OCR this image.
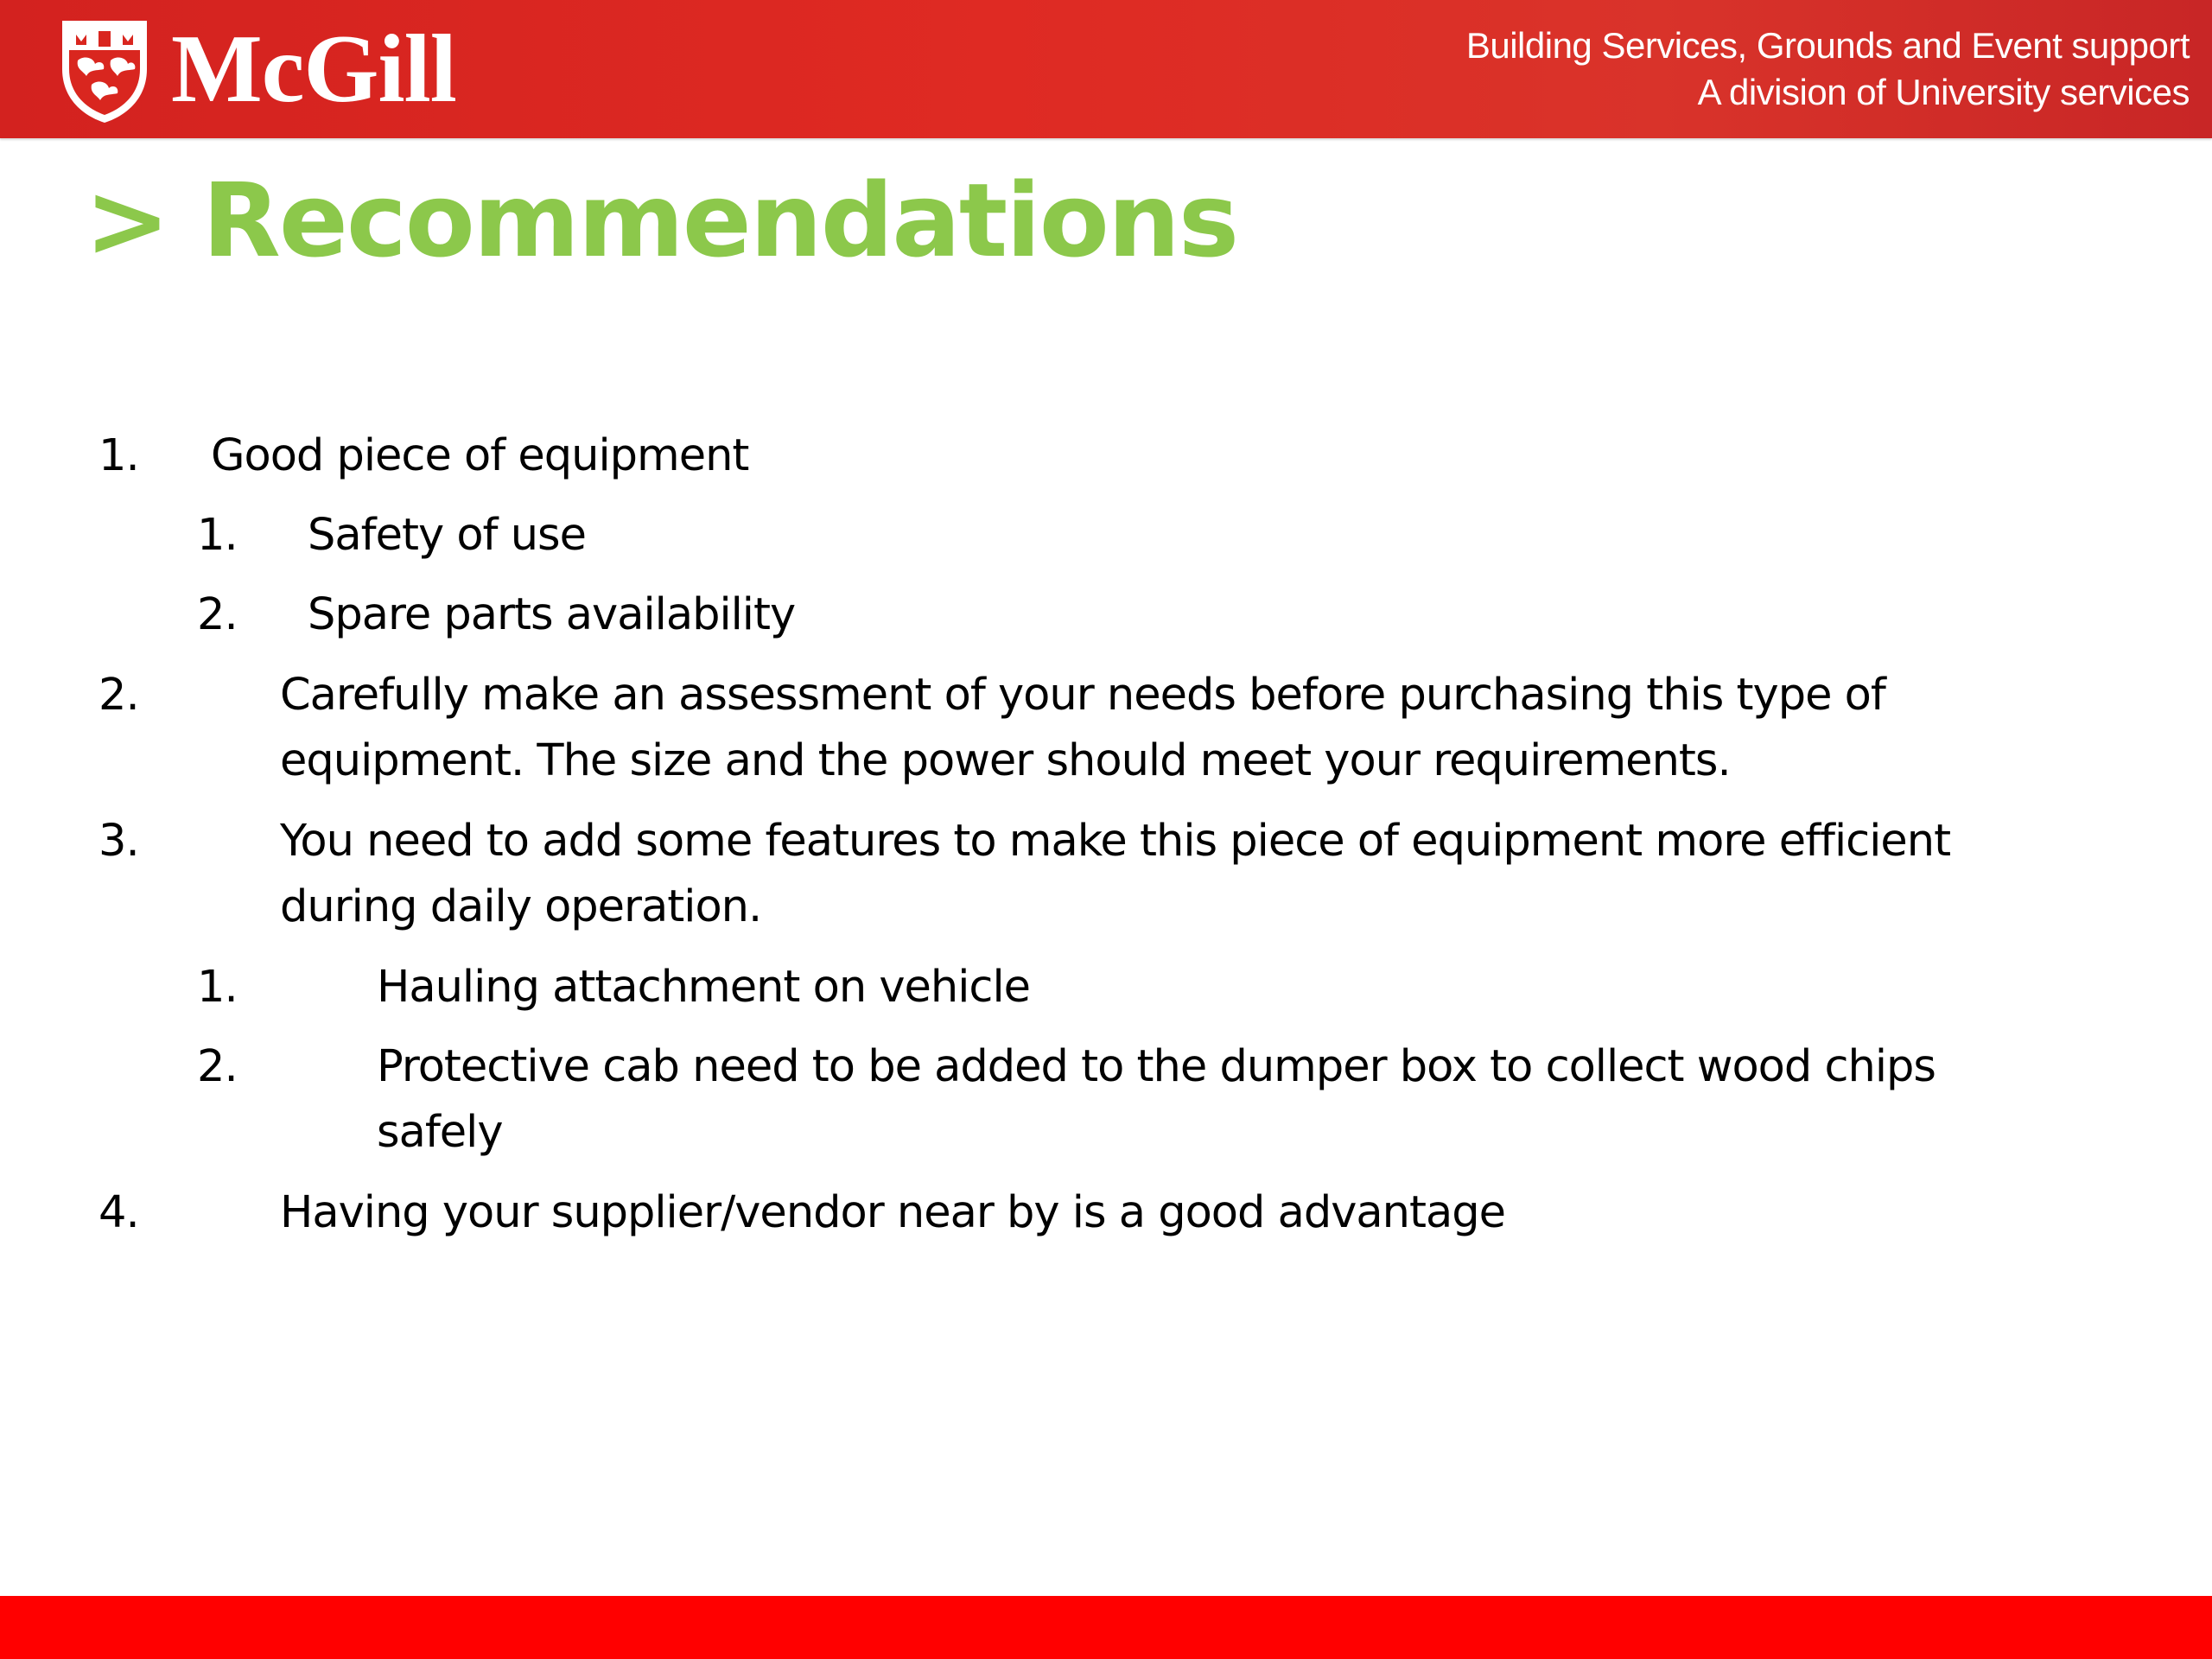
McGill	Building Services, Grounds and Event support
A division of University services
> Recommendations
1. Good piece of equipment
1. Safety of use
2. Spare parts availability
2.	Carefully make an assessment of your needs before purchasing this type of
equipment. The size and the power should meet your requirements.
3.	You need to add some features to make this piece of equipment more efficient
during daily operation.
1.	Hauling attachment on vehicle
2.	Protective cab need to be added to the dumper box to collect wood chips
safely
4.	Having your supplier/vendor near by is a good advantage
